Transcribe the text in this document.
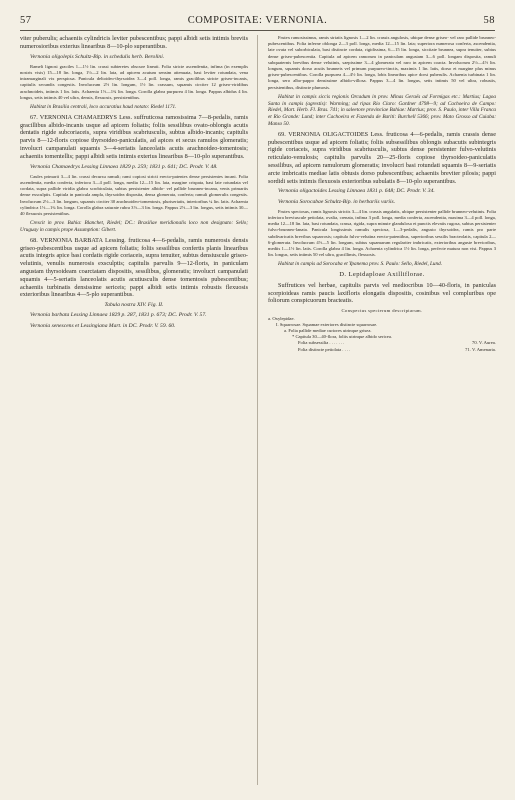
57	COMPOSITAE: VERNONIA.	58

viter puberulis; achaeniis cylindricis leviter pubescentibus; pappi albidi setis intimis breviis numerosioribus exterius linearibus 8—10-plo superantibus.

Vernonia oligolepis Schultz-Bip. in schedulis herb. Berolini.

Rameli lignosi graciles 1—1½ lin. crassi subteretes obscure lineati. Folia stricte ascendentia, infima (in exemplis nostris visis) 15—18 lin. longa, 1½—2 lin. lata, ad apicem acutum sensim attenuata, basi leviter rotundata, vena intramarginali vix perspicua. Panicula deltoideo-thyrsoidea 3—4 poll. longa, ramis gracilibus stricte griseo-incanis, capitulis secundis congestis. Involucrum 2½ lin. longum, 1½ lin. crassum, squamis circiter 12 griseo-viridibus arachnoideis, intimis 1 lin. latis. Achaenia 1½—1¾ lin. longa. Corolla glabra purpurea 4 lin. longa. Pappus albidus 4 lin. longus, setis intimis 40 vel ultra, densis, flexuosis, persistentibus.

Habitat in Brasilia centrali, loco accuratius haud notato: Riedel 1171.

67. VERNONIA CHAMAEDRYS Less. suffruticosa ramosissima 7—8-pedalis, ramis gracillibus albido-incanis usque ad apicem foliatis; foliis sessilibus ovato-oblongis acutis dentatis rigide subcoriaceis, supra viridibus scabriusculis, subtus albido-incanis; capitulis parvis 8—12-floris copiose thyrsoideo-paniculatis, ad apices et secus ramulos glomeratis; involucri campanulati squamis 3—4-seriatis lanceolatis acutis arachnoideo-tomentosis; achaeniis tomentellis; pappi albidi setis intimis exterius linearibus 8—10-plo superantibus.

Vernonia Chamaedrys Lessing Linnaea 1829 p. 259; 1831 p. 641; DC. Prodr. V. 48.

Caules primarii 3—4 lin. crassi decursu ramuli; rami copiosi stricti erecto-patentes dense persistentes incani. Folia ascendentia, media conferta, inferiora 3—4 poll. longa, media 12—15 lin. lata, margine crispata, basi late rotundata vel cordata, supra pallide viridia glabra scrobiculata, subtus persistenter albido- vel pallide brunneo-incana, venis primariis dense exsculptis. Capitula in panicula ampla, thyrsoidea disposita, densa glomerata, conferta; ramuli glomerulis congestis. Involucrum 2½—3 lin. longum, squamis circiter 30 arachnoideo-tomentosis, pluriseriatis, interioribus ¼ lin. latis. Achaenia cylindrica 1½—1¾ lin. longa. Corolla glabra saturate rubra 3½—3 lin. longa. Pappus 2½—3 lin. longus, setis intimis 30—40 flexuosis persistentibus.

Crescit in prov. Bahia: Blanchet, Riedel; DC.: Brasiliae meridionalis loco non designato: Sello; Uruguay in campis prope Assumption: Gibert.

68. VERNONIA BARBATA Lessing. fruticosa 4—6-pedalis, ramis numerosis densis griseo-pubescentibus usque ad apicem foliatis; foliis sessilibus confertis planis linearibus acutis integris apice basi cordatis rigide coriaceis, supra tenuiter, subtus densiuscule griseo-velutinis, venulis numerosis exsculptis; capitulis parvulis 9—12-floris, in paniculam angustam thyrsoideam coarctatam dispositis, sessilibus, glomeratis; involucri campanulati squamis 4—5-seriatis lanceolatis acutis acutiusculis dense tomentosis pubescentibus; achaeniis turbinatis densissime sericeis; pappi albidi setis intimis robustis flexuosis exterioribus linearibus 4—5-plo superantibus.

Tabula nostra XIV. Fig. II.

Vernonia barbata Lessing Linnaea 1829 p. 287, 1831 p. 673; DC. Prodr. V. 57.

Vernonia senescens et Lessingiana Mart. in DC. Prodr. V. 59. 60.

Frutex ramosissimus, ramis striatis lignosis 1—2 lin. crassis angulosis, ubique dense griseo- vel raro pallide brunneo-pubescentibus. Folia inferne oblonga 2—3 poll. longa, media 12—15 lin. lata; superiora numerosa conferta, ascendentia, late ovata vel suborbiculata, basi distincte cordata, rigidissima, 6—15 lin. longa, siccitate brunnea, supra tenuiter, subtus dense griseo-pubescentia. Capitula ad apicem ramorum in paniculam angustam 3—6 poll. longam disposita, ramuli subquaternis brevibus dense velutinis, saepissime 3—4 glomerata vel raro in apicem coacta. Involucrum 2½—4½ lin. longum, squamis dorso acutis brunneis vel primum purpureo-tinctis, maximis 1 lin. latis, dorso et margine plus minus griseo-pubescentibus. Corolla purpurea 4—4½ lin. longa, lobis linearibus apice dorsi puberulis. Achaenia turbinata 1 lin. longa, sero albo-pappo densissime albido-villosa. Pappus 3—4 lin. longus, setis intimis 50 vel ultra, robustis, persistentibus, distincte plumosis.

Habitat in campis siccis regionis Orcadum in prov. Minas Geraës ad Formigas etc.: Martius; Lagoa Santa in campis (agrestis): Warming; ad ripas Rio Claro: Gardner 4798—9; ad Cachoeira de Campo: Riedel, Mart. Herb. Fl. Bras. 741; in saleetore provinciae Bahiae: Martius; prov. S. Paulo, inter Villa Franca et Rio Grande: Lund; inter Cachoeira et Fazenda de Bariti: Burchell 5366; prov. Mato Grosso ad Cuiaba: Manso 50.

69. VERNONIA OLIGACTOIDES Less. fruticosa 4—6-pedalis, ramis crassis dense pubescentibus usque ad apicem foliatis; foliis subsessilibus oblongis subacutis subintegris rigide coriaceis, supra viridibus scabriusculis, subtus dense persistenter fulvo-velutinis reticulato-venulosis; capitulis parvulis 20—25-floris copiose thyrsoideo-paniculatis sessilibus, ad apicem ramulorum glomeratis; involucri basi rotundati squamis 8—9-seriatis arcte imbricatis mediae latis obtusis dorso pubescentibus; achaeniis breviter pilosis; pappi sordidi setis intimis flexuosis exterioribus subulatis 8—10-plo superantibus.

Vernonia oligactoides Lessing Linnaea 1831 p. 648; DC. Prodr. V. 34.

Vernonia Sorocabae Schultz-Bip. in herbariis variis.

Frutex speciosus, ramis lignosis strictis 3—4 lin. crassis angulatis, ubique persistenter pallide brunneo-velutinis. Folia inferiora breviuscule petiolata, ovalia, crenata, infima 3 poll. longa, media conferta, ascendentia, maxima 3—4 poll. longa, media 12—18 lin. lata, basi rotundata, crassa, rigida, supra minute glandulosa et punctis elevatis rugosa, subtus persistenter fulvo-brunneo-lanata. Panicula longissimis ramulis speciosa, 1—3-pedalis, angusto thyrsoidea, ramis pro parte subdivaricatis brevibus squarrosis; capitula fulvo-velutina erecto-patentibus, superioribus sessilis bracteolatis, capitula 2—6-glomerata. Involucrum 4½—5 lin. longum, subtus squamarum regulariter imbricatis, exterioribus anguste brevioribus, mediis 1—1½ lin. latis. Corolla glabra 4 lin. longa. Achaenia cylindrica 1½ lin. longa, perfecte matura non visi. Pappus 3 lin. longus, setis intimis 50 vel ultra, gracillimis, flexuosis.

Habitat in campis ad Sorocaba et Ypanema prov. S. Paulo: Sello, Riedel, Lund.

D. Lepidaploae Axilliflorae.

Suffrutices vel herbae, capitulis parvis vel mediocribus 10—40-floris, in paniculas scorpioideas ramis paucis laxifloris elongatis dispositis, cosinibus vel compluribus ope foliorum conspicuorum bracteatis.

Conspectus specierum descriptarum.

a. Oxylepidae.

I. Squarrosae. Squamae exteriores distincte squarrosae.

a. Folia pallide mediae curiores utrinque grisea.

* Capitula 30—40-flora, foliis utrinque albido sericea.

Folia subsessilia . . . . . . .	70. V. Aurea.
Folia distincte petiolata . . . .	71. V. Amenaria.
